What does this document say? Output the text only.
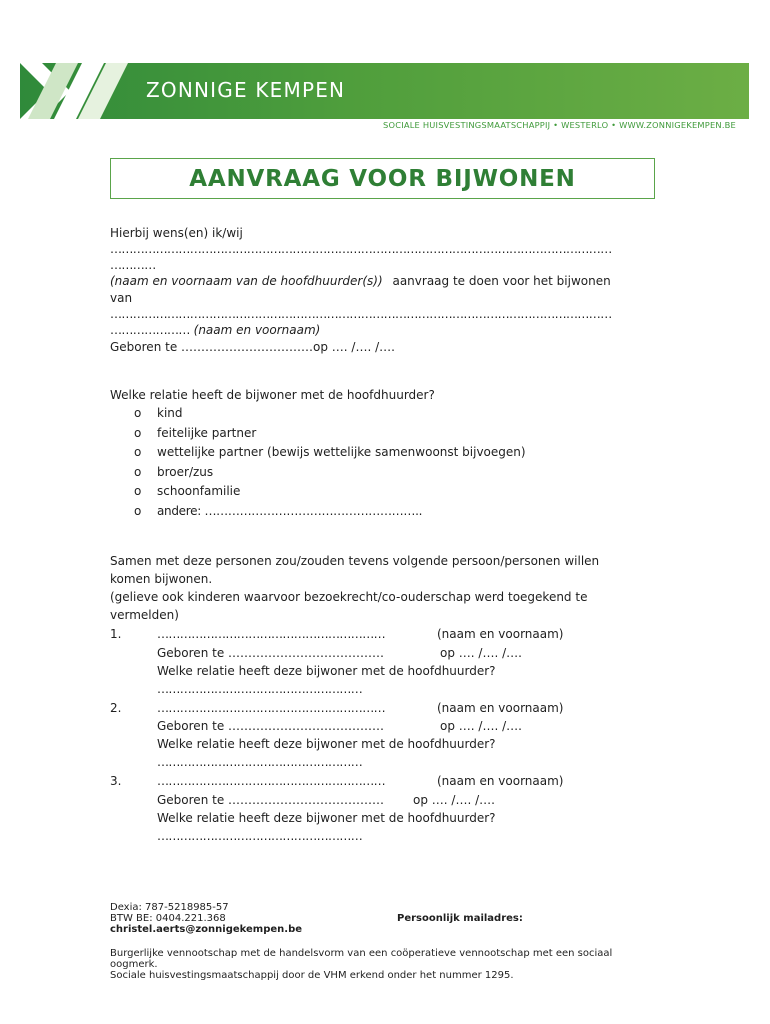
ZONNIGE KEMPEN
SOCIALE HUISVESTINGSMAATSCHAPPIJ • WESTERLO • WWW.ZONNIGEKEMPEN.BE
AANVRAAG VOOR BIJWONEN
Hierbij wens(en) ik/wij
……………………………………………………………………………………………………………………
…………
(naam en voornaam van de hoofdhuurder(s)) aanvraag te doen voor het bijwonen
van
……………………………………………………………………………………………………………………
………………… (naam en voornaam)
Geboren te ……………………………op …. /…. /….
Welke relatie heeft de bijwoner met de hoofdhuurder?
o kind
o feitelijke partner
o wettelijke partner (bewijs wettelijke samenwoonst bijvoegen)
o broer/zus
o schoonfamilie
o andere: ………………………………………………..
Samen met deze personen zou/zouden tevens volgende persoon/personen willen
komen bijwonen.
(gelieve ook kinderen waarvoor bezoekrecht/co-ouderschap werd toegekend te
vermelden)
1.	……………………………………………………	(naam en voornaam)
Geboren te …………………………………	op …. /…. /….
Welke relatie heeft deze bijwoner met de hoofdhuurder?
………………………………………………
2.	……………………………………………………	(naam en voornaam)
Geboren te …………………………………	op …. /…. /….
Welke relatie heeft deze bijwoner met de hoofdhuurder?
………………………………………………
3.	……………………………………………………	(naam en voornaam)
Geboren te ………………………………… op …. /…. /….
Welke relatie heeft deze bijwoner met de hoofdhuurder?
………………………………………………
Dexia: 787-5218985-57
BTW BE: 0404.221.368	Persoonlijk mailadres:
christel.aerts@zonnigekempen.be
Burgerlijke vennootschap met de handelsvorm van een coöperatieve vennootschap met een sociaal
oogmerk.
Sociale huisvestingsmaatschappij door de VHM erkend onder het nummer 1295.
